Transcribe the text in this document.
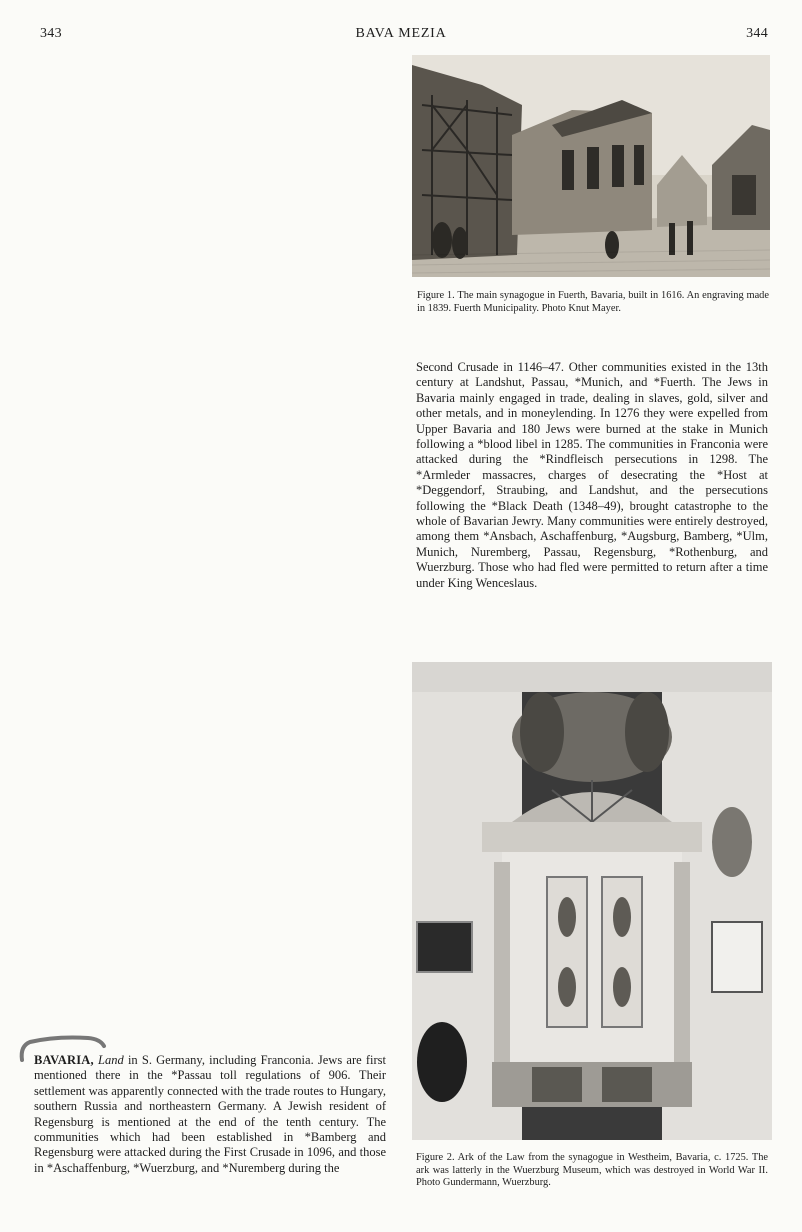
343	BAVA MEZIA	344
Figure 1. The main synagogue in Fuerth, Bavaria, built in 1616. An engraving made in 1839. Fuerth Municipality. Photo Knut Mayer.
Second Crusade in 1146–47. Other communities existed in the 13th century at Landshut, Passau, *Munich, and *Fuerth. The Jews in Bavaria mainly engaged in trade, dealing in slaves, gold, silver and other metals, and in moneylending. In 1276 they were expelled from Upper Bavaria and 180 Jews were burned at the stake in Munich following a *blood libel in 1285. The communities in Franconia were attacked during the *Rindfleisch persecutions in 1298. The *Armleder massacres, charges of desecrating the *Host at *Deggendorf, Straubing, and Landshut, and the persecutions following the *Black Death (1348–49), brought catastrophe to the whole of Bavarian Jewry. Many communities were entirely destroyed, among them *Ansbach, Aschaffenburg, *Augsburg, Bamberg, *Ulm, Munich, Nuremberg, Passau, Regensburg, *Rothenburg, and Wuerzburg. Those who had fled were permitted to return after a time under King Wenceslaus.
Figure 2. Ark of the Law from the synagogue in Westheim, Bavaria, c. 1725. The ark was latterly in the Wuerzburg Museum, which was destroyed in World War II. Photo Gundermann, Wuerzburg.
BAVARIA, Land in S. Germany, including Franconia. Jews are first mentioned there in the *Passau toll regulations of 906. Their settlement was apparently connected with the trade routes to Hungary, southern Russia and northeastern Germany. A Jewish resident of Regensburg is mentioned at the end of the tenth century. The communities which had been established in *Bamberg and Regensburg were attacked during the First Crusade in 1096, and those in *Aschaffenburg, *Wuerzburg, and *Nuremberg during the
